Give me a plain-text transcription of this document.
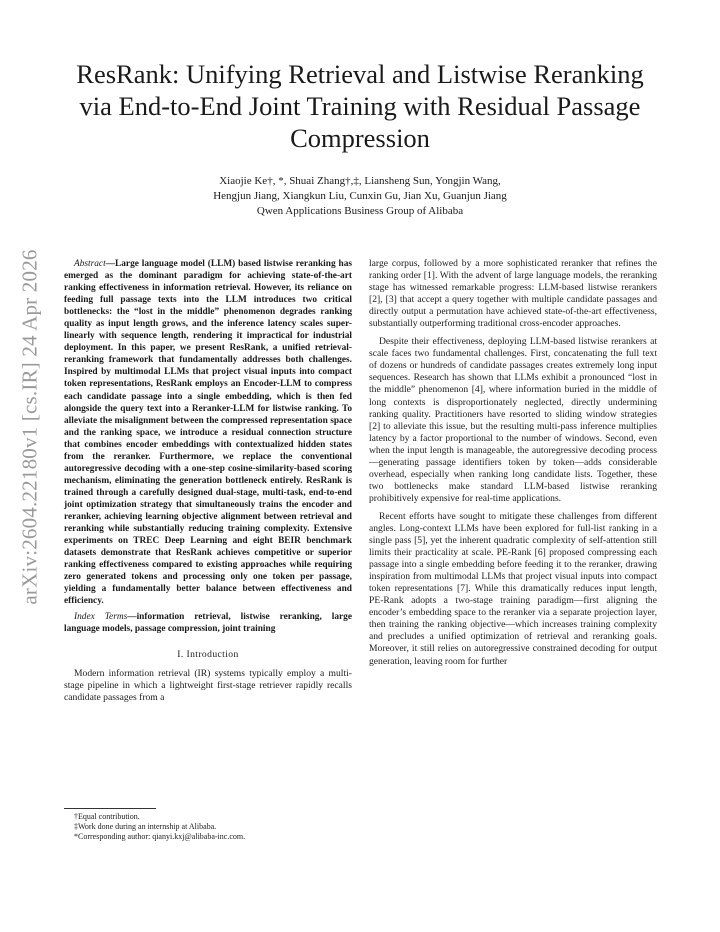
arXiv:2604.22180v1 [cs.IR] 24 Apr 2026
ResRank: Unifying Retrieval and Listwise Reranking via End-to-End Joint Training with Residual Passage Compression
Xiaojie Ke†, *, Shuai Zhang†,‡, Liansheng Sun, Yongjin Wang,
Hengjun Jiang, Xiangkun Liu, Cunxin Gu, Jian Xu, Guanjun Jiang
Qwen Applications Business Group of Alibaba

Abstract—Large language model (LLM) based listwise reranking has emerged as the dominant paradigm for achieving state-of-the-art ranking effectiveness in information retrieval. However, its reliance on feeding full passage texts into the LLM introduces two critical bottlenecks: the “lost in the middle” phenomenon degrades ranking quality as input length grows, and the inference latency scales super-linearly with sequence length, rendering it impractical for industrial deployment. In this paper, we present ResRank, a unified retrieval-reranking framework that fundamentally addresses both challenges. Inspired by multimodal LLMs that project visual inputs into compact token representations, ResRank employs an Encoder-LLM to compress each candidate passage into a single embedding, which is then fed alongside the query text into a Reranker-LLM for listwise ranking. To alleviate the misalignment between the compressed representation space and the ranking space, we introduce a residual connection structure that combines encoder embeddings with contextualized hidden states from the reranker. Furthermore, we replace the conventional autoregressive decoding with a one-step cosine-similarity-based scoring mechanism, eliminating the generation bottleneck entirely. ResRank is trained through a carefully designed dual-stage, multi-task, end-to-end joint optimization strategy that simultaneously trains the encoder and reranker, achieving learning objective alignment between retrieval and reranking while substantially reducing training complexity. Extensive experiments on TREC Deep Learning and eight BEIR benchmark datasets demonstrate that ResRank achieves competitive or superior ranking effectiveness compared to existing approaches while requiring zero generated tokens and processing only one token per passage, yielding a fundamentally better balance between effectiveness and efficiency.

Index Terms—information retrieval, listwise reranking, large language models, passage compression, joint training

I. Introduction

Modern information retrieval (IR) systems typically employ a multi-stage pipeline in which a lightweight first-stage retriever rapidly recalls candidate passages from a

large corpus, followed by a more sophisticated reranker that refines the ranking order [1]. With the advent of large language models, the reranking stage has witnessed remarkable progress: LLM-based listwise rerankers [2], [3] that accept a query together with multiple candidate passages and directly output a permutation have achieved state-of-the-art effectiveness, substantially outperforming traditional cross-encoder approaches.

Despite their effectiveness, deploying LLM-based listwise rerankers at scale faces two fundamental challenges. First, concatenating the full text of dozens or hundreds of candidate passages creates extremely long input sequences. Research has shown that LLMs exhibit a pronounced “lost in the middle” phenomenon [4], where information buried in the middle of long contexts is disproportionately neglected, directly undermining ranking quality. Practitioners have resorted to sliding window strategies [2] to alleviate this issue, but the resulting multi-pass inference multiplies latency by a factor proportional to the number of windows. Second, even when the input length is manageable, the autoregressive decoding process—generating passage identifiers token by token—adds considerable overhead, especially when ranking long candidate lists. Together, these two bottlenecks make standard LLM-based listwise reranking prohibitively expensive for real-time applications.

Recent efforts have sought to mitigate these challenges from different angles. Long-context LLMs have been explored for full-list ranking in a single pass [5], yet the inherent quadratic complexity of self-attention still limits their practicality at scale. PE-Rank [6] proposed compressing each passage into a single embedding before feeding it to the reranker, drawing inspiration from multimodal LLMs that project visual inputs into compact token representations [7]. While this dramatically reduces input length, PE-Rank adopts a two-stage training paradigm—first aligning the encoder’s embedding space to the reranker via a separate projection layer, then training the ranking objective—which increases training complexity and precludes a unified optimization of retrieval and reranking goals. Moreover, it still relies on autoregressive constrained decoding for output generation, leaving room for further

†Equal contribution.

‡Work done during an internship at Alibaba.

*Corresponding author: qianyi.kxj@alibaba-inc.com.
